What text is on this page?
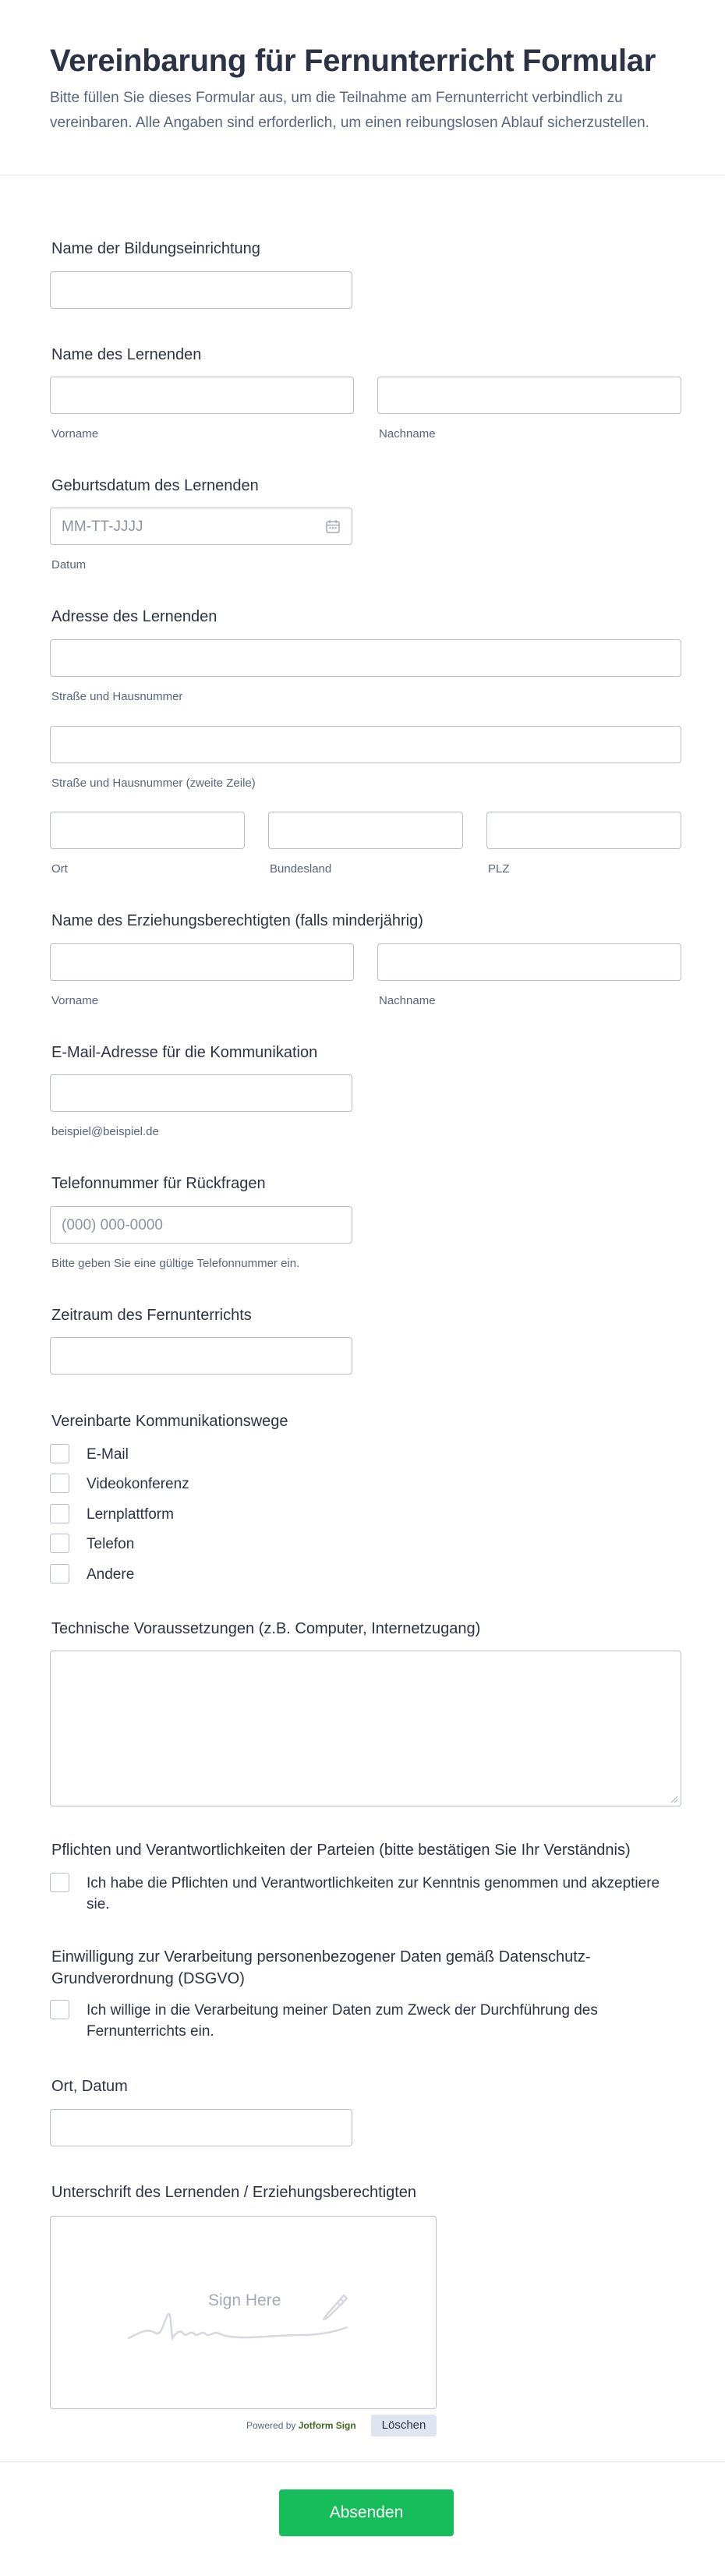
Vereinbarung für Fernunterricht Formular
Bitte füllen Sie dieses Formular aus, um die Teilnahme am Fernunterricht verbindlich zu vereinbaren. Alle Angaben sind erforderlich, um einen reibungslosen Ablauf sicherzustellen.
Name der Bildungseinrichtung
Name des Lernenden
Vorname	Nachname
Geburtsdatum des Lernenden
MM-TT-JJJJ
Datum
Adresse des Lernenden
Straße und Hausnummer
Straße und Hausnummer (zweite Zeile)
Ort	Bundesland	PLZ
Name des Erziehungsberechtigten (falls minderjährig)
Vorname	Nachname
E-Mail-Adresse für die Kommunikation
beispiel@beispiel.de
Telefonnummer für Rückfragen
(000) 000-0000
Bitte geben Sie eine gültige Telefonnummer ein.
Zeitraum des Fernunterrichts
Vereinbarte Kommunikationswege
E-Mail
Videokonferenz
Lernplattform
Telefon
Andere
Technische Voraussetzungen (z.B. Computer, Internetzugang)
Pflichten und Verantwortlichkeiten der Parteien (bitte bestätigen Sie Ihr Verständnis)
Ich habe die Pflichten und Verantwortlichkeiten zur Kenntnis genommen und akzeptiere sie.
Einwilligung zur Verarbeitung personenbezogener Daten gemäß Datenschutz-Grundverordnung (DSGVO)
Ich willige in die Verarbeitung meiner Daten zum Zweck der Durchführung des Fernunterrichts ein.
Ort, Datum
Unterschrift des Lernenden / Erziehungsberechtigten
Sign Here
Powered by Jotform Sign	Löschen
Absenden
